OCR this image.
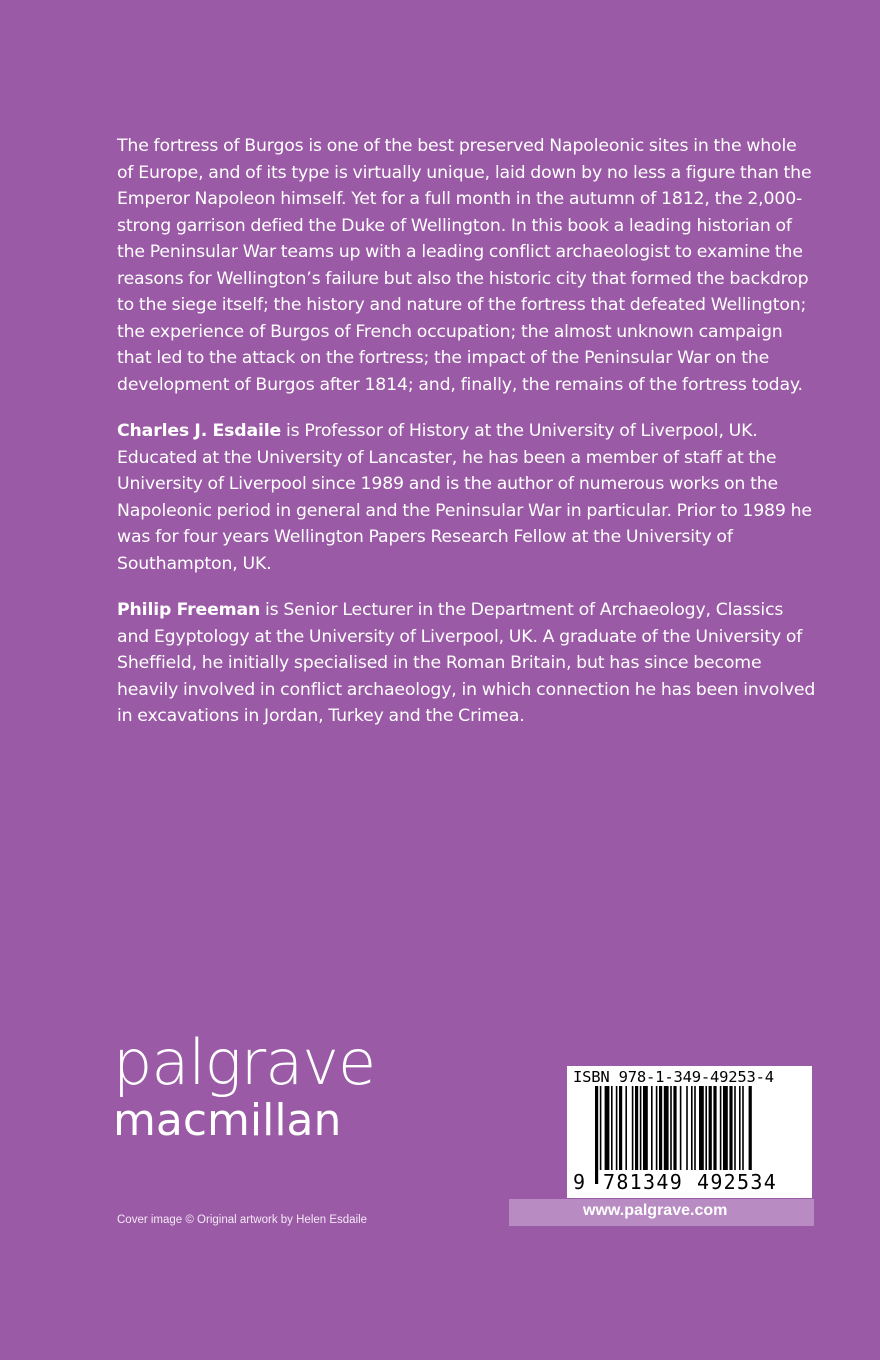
The fortress of Burgos is one of the best preserved Napoleonic sites in the whole of Europe, and of its type is virtually unique, laid down by no less a figure than the Emperor Napoleon himself. Yet for a full month in the autumn of 1812, the 2,000-strong garrison defied the Duke of Wellington. In this book a leading historian of the Peninsular War teams up with a leading conflict archaeologist to examine the reasons for Wellington’s failure but also the historic city that formed the backdrop to the siege itself; the history and nature of the fortress that defeated Wellington; the experience of Burgos of French occupation; the almost unknown campaign that led to the attack on the fortress; the impact of the Peninsular War on the development of Burgos after 1814; and, finally, the remains of the fortress today.

Charles J. Esdaile is Professor of History at the University of Liverpool, UK. Educated at the University of Lancaster, he has been a member of staff at the University of Liverpool since 1989 and is the author of numerous works on the Napoleonic period in general and the Peninsular War in particular. Prior to 1989 he was for four years Wellington Papers Research Fellow at the University of Southampton, UK.

Philip Freeman is Senior Lecturer in the Department of Archaeology, Classics and Egyptology at the University of Liverpool, UK. A graduate of the University of Sheffield, he initially specialised in the Roman Britain, but has since become heavily involved in conflict archaeology, in which connection he has been involved in excavations in Jordan, Turkey and the Crimea.

palgrave
macmillan
Cover image © Original artwork by Helen Esdaile
ISBN 978-1-349-49253-4
9 781349 492534
www.palgrave.com
